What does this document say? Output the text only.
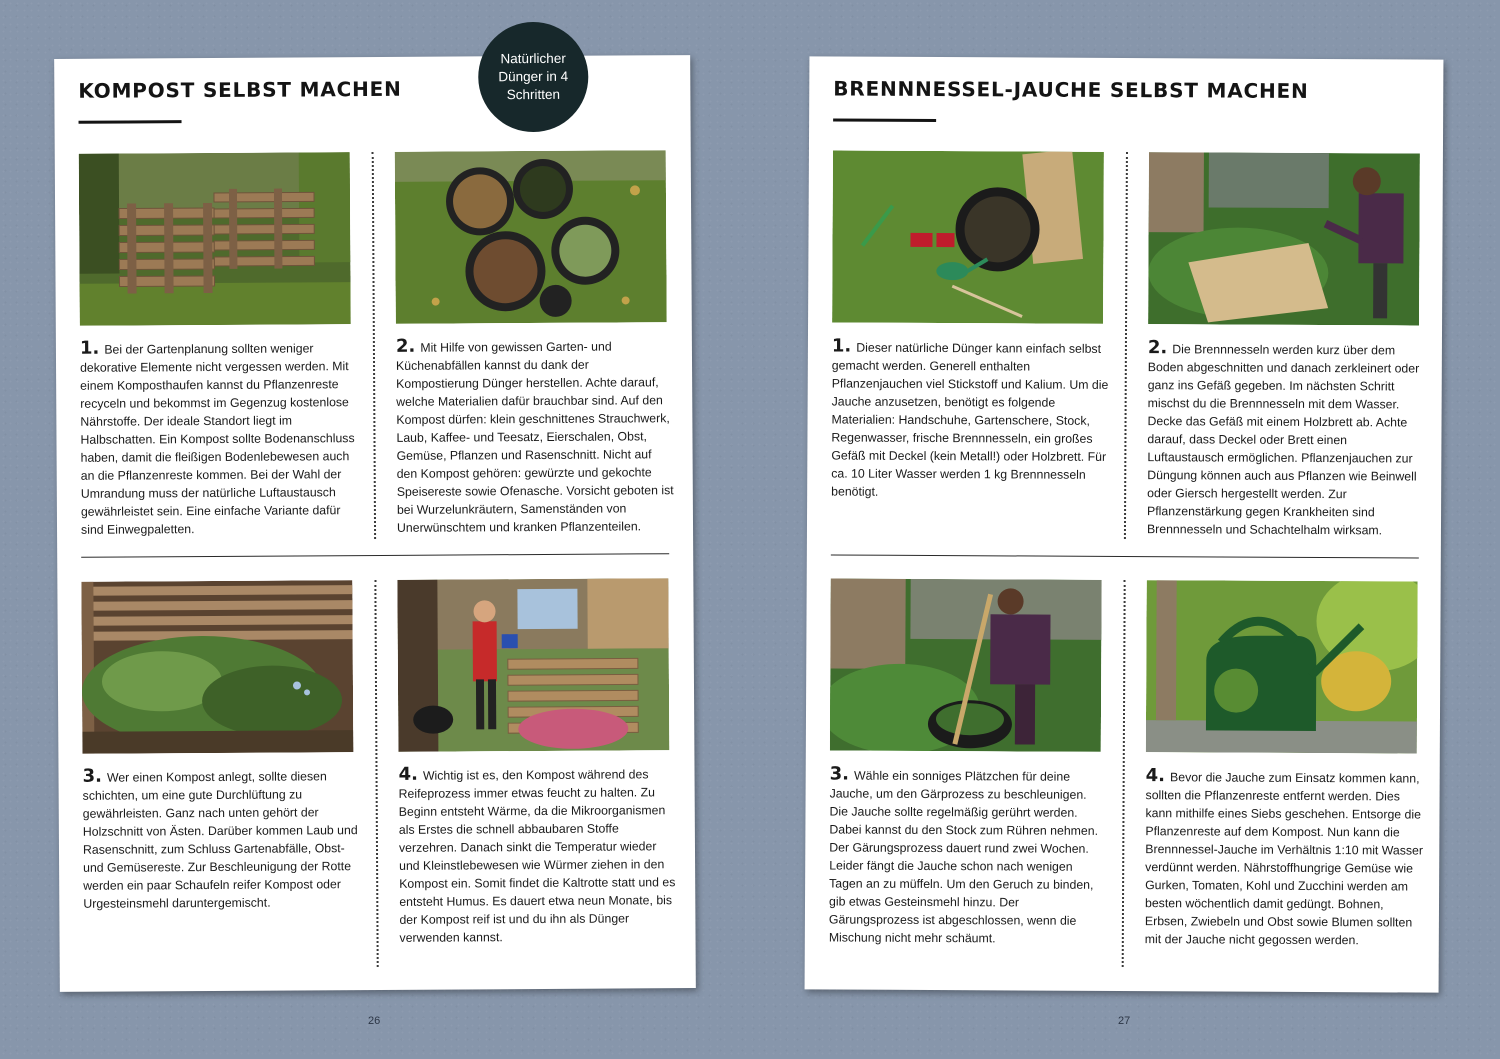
KOMPOST SELBST MACHEN
Natürlicher Dünger in 4 Schritten
1. Bei der Gartenplanung sollten weniger dekorative Elemente nicht vergessen werden. Mit einem Komposthaufen kannst du Pflanzenreste recyceln und bekommst im Gegenzug kostenlose Nährstoffe. Der ideale Standort liegt im Halbschatten. Ein Kompost sollte Bodenanschluss haben, damit die fleißigen Bodenlebewesen auch an die Pflanzenreste kommen. Bei der Wahl der Umrandung muss der natürliche Luftaustausch gewährleistet sein. Eine einfache Variante dafür sind Einwegpaletten.
2. Mit Hilfe von gewissen Garten- und Küchenabfällen kannst du dank der Kompostierung Dünger herstellen. Achte darauf, welche Materialien dafür brauchbar sind. Auf den Kompost dürfen: klein geschnittenes Strauchwerk, Laub, Kaffee- und Teesatz, Eierschalen, Obst, Gemüse, Pflanzen und Rasenschnitt. Nicht auf den Kompost gehören: gewürzte und gekochte Speisereste sowie Ofenasche. Vorsicht geboten ist bei Wurzelunkräutern, Samenständen von Unerwünschtem und kranken Pflanzenteilen.
3. Wer einen Kompost anlegt, sollte diesen schichten, um eine gute Durchlüftung zu gewährleisten. Ganz nach unten gehört der Holzschnitt von Ästen. Darüber kommen Laub und Rasenschnitt, zum Schluss Gartenabfälle, Obst- und Gemüsereste. Zur Beschleunigung der Rotte werden ein paar Schaufeln reifer Kompost oder Urgesteinsmehl daruntergemischt.
4. Wichtig ist es, den Kompost während des Reifeprozess immer etwas feucht zu halten. Zu Beginn entsteht Wärme, da die Mikroorganismen als Erstes die schnell abbaubaren Stoffe verzehren. Danach sinkt die Temperatur wieder und Kleinstlebewesen wie Würmer ziehen in den Kompost ein. Somit findet die Kaltrotte statt und es entsteht Humus. Es dauert etwa neun Monate, bis der Kompost reif ist und du ihn als Dünger verwenden kannst.
BRENNNESSEL-JAUCHE SELBST MACHEN
1. Dieser natürliche Dünger kann einfach selbst gemacht werden. Generell enthalten Pflanzenjauchen viel Stickstoff und Kalium. Um die Jauche anzusetzen, benötigt es folgende Materialien: Handschuhe, Gartenschere, Stock, Regenwasser, frische Brennnesseln, ein großes Gefäß mit Deckel (kein Metall!) oder Holzbrett. Für ca. 10 Liter Wasser werden 1 kg Brennnesseln benötigt.
2. Die Brennnesseln werden kurz über dem Boden abgeschnitten und danach zerkleinert oder ganz ins Gefäß gegeben. Im nächsten Schritt mischst du die Brennnesseln mit dem Wasser. Decke das Gefäß mit einem Holzbrett ab. Achte darauf, dass Deckel oder Brett einen Luftaustausch ermöglichen. Pflanzenjauchen zur Düngung können auch aus Pflanzen wie Beinwell oder Giersch hergestellt werden. Zur Pflanzenstärkung gegen Krankheiten sind Brennnesseln und Schachtelhalm wirksam.
3. Wähle ein sonniges Plätzchen für deine Jauche, um den Gärprozess zu beschleunigen. Die Jauche sollte regelmäßig gerührt werden. Dabei kannst du den Stock zum Rühren nehmen. Der Gärungsprozess dauert rund zwei Wochen. Leider fängt die Jauche schon nach wenigen Tagen an zu müffeln. Um den Geruch zu binden, gib etwas Gesteinsmehl hinzu. Der Gärungsprozess ist abgeschlossen, wenn die Mischung nicht mehr schäumt.
4. Bevor die Jauche zum Einsatz kommen kann, sollten die Pflanzenreste entfernt werden. Dies kann mithilfe eines Siebs geschehen. Entsorge die Pflanzenreste auf dem Kompost. Nun kann die Brennnessel-Jauche im Verhältnis 1:10 mit Wasser verdünnt werden. Nährstoffhungrige Gemüse wie Gurken, Tomaten, Kohl und Zucchini werden am besten wöchentlich damit gedüngt. Bohnen, Erbsen, Zwiebeln und Obst sowie Blumen sollten mit der Jauche nicht gegossen werden.
26	27
